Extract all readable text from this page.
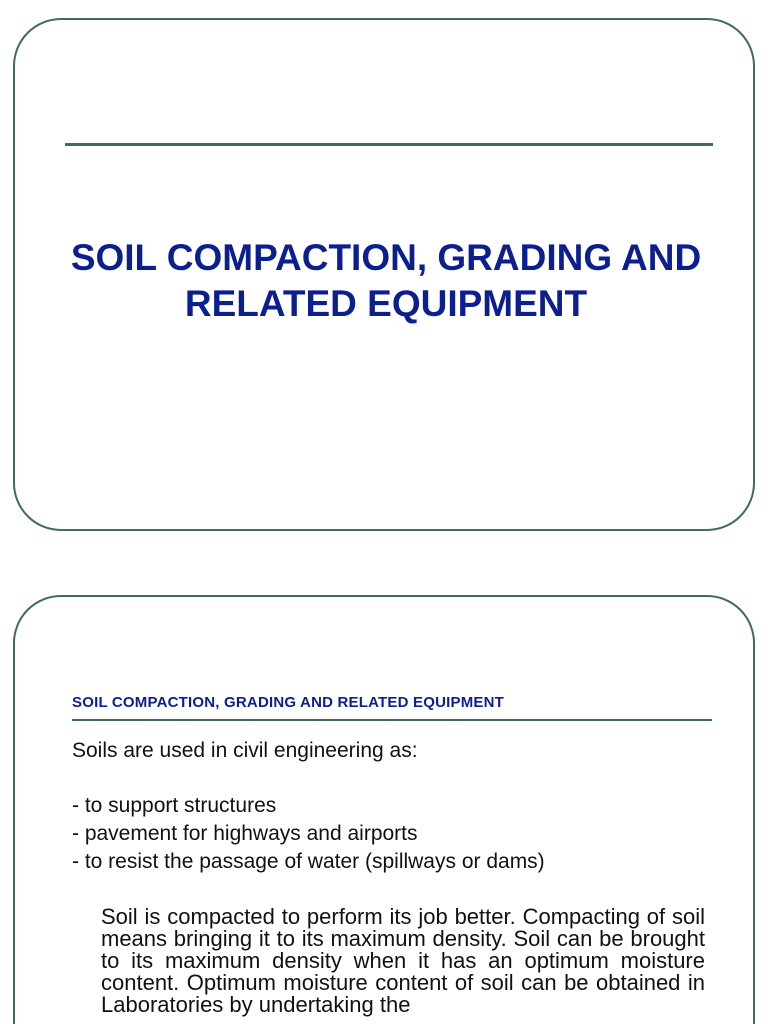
SOIL COMPACTION, GRADING AND RELATED EQUIPMENT
SOIL COMPACTION, GRADING AND RELATED EQUIPMENT

Soils are used in civil engineering as:

- to support structures
- pavement for highways and airports
- to resist the passage of water (spillways or dams)

Soil is compacted to perform its job better. Compacting of soil means bringing it to its maximum density. Soil can be brought to its maximum density when it has an optimum moisture content. Optimum moisture content of soil can be obtained in Laboratories by undertaking the
